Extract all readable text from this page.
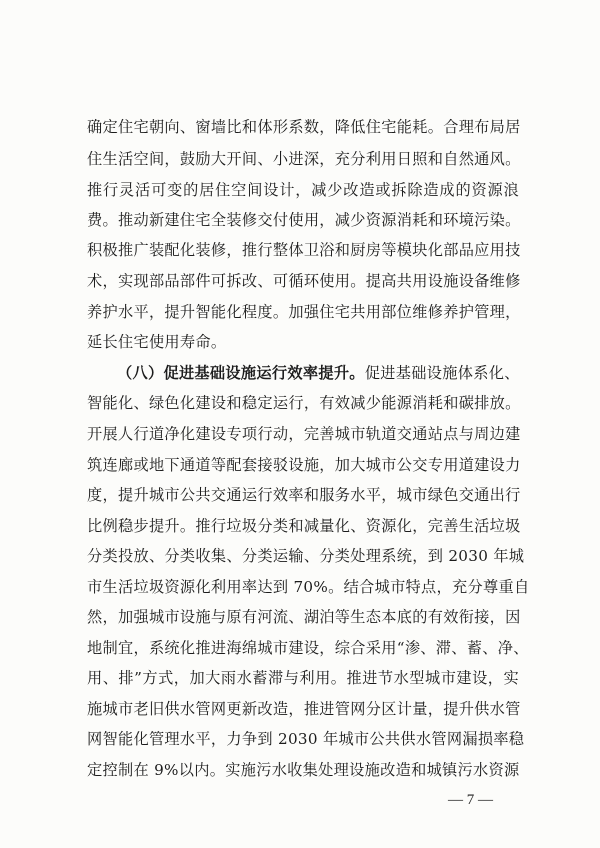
确定住宅朝向、窗墙比和体形系数，降低住宅能耗。合理布局居
住生活空间，鼓励大开间、小进深，充分利用日照和自然通风。
推行灵活可变的居住空间设计，减少改造或拆除造成的资源浪
费。推动新建住宅全装修交付使用，减少资源消耗和环境污染。
积极推广装配化装修，推行整体卫浴和厨房等模块化部品应用技
术，实现部品部件可拆改、可循环使用。提高共用设施设备维修
养护水平，提升智能化程度。加强住宅共用部位维修养护管理，
延长住宅使用寿命。
（八）促进基础设施运行效率提升。促进基础设施体系化、
智能化、绿色化建设和稳定运行，有效减少能源消耗和碳排放。
开展人行道净化建设专项行动，完善城市轨道交通站点与周边建
筑连廊或地下通道等配套接驳设施，加大城市公交专用道建设力
度，提升城市公共交通运行效率和服务水平，城市绿色交通出行
比例稳步提升。推行垃圾分类和减量化、资源化，完善生活垃圾
分类投放、分类收集、分类运输、分类处理系统，到 2030 年城
市生活垃圾资源化利用率达到 70%。结合城市特点，充分尊重自
然，加强城市设施与原有河流、湖泊等生态本底的有效衔接，因
地制宜，系统化推进海绵城市建设，综合采用“渗、滞、蓄、净、
用、排”方式，加大雨水蓄滞与利用。推进节水型城市建设，实
施城市老旧供水管网更新改造，推进管网分区计量，提升供水管
网智能化管理水平，力争到 2030 年城市公共供水管网漏损率稳
定控制在 9%以内。实施污水收集处理设施改造和城镇污水资源
— 7 —
